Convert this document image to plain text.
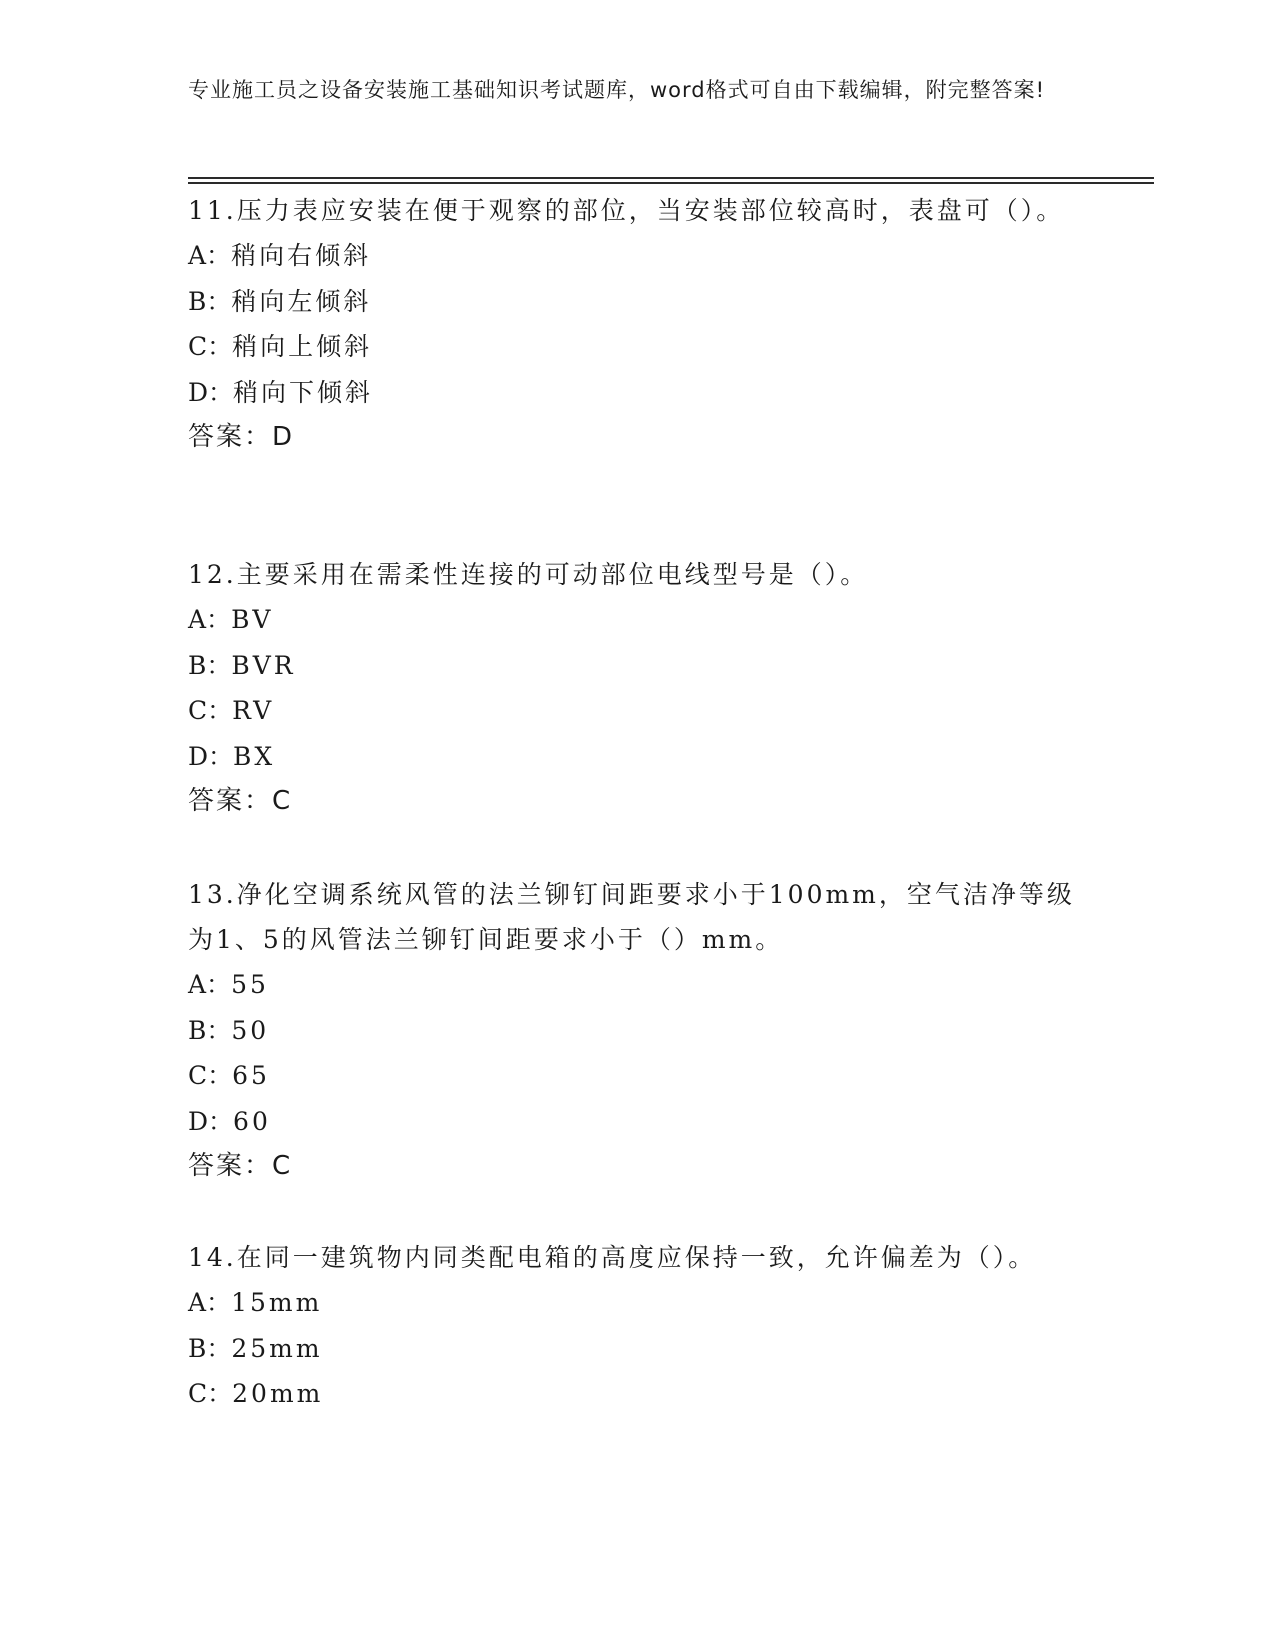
专业施工员之设备安装施工基础知识考试题库，word格式可自由下载编辑，附完整答案!

11.压力表应安装在便于观察的部位，当安装部位较高时，表盘可（）。

A：稍向右倾斜

B：稍向左倾斜

C：稍向上倾斜

D：稍向下倾斜

答案：D

12.主要采用在需柔性连接的可动部位电线型号是（）。

A：BV

B：BVR

C：RV

D：BX

答案：C

13.净化空调系统风管的法兰铆钉间距要求小于100mm，空气洁净等级为1、5的风管法兰铆钉间距要求小于（）mm。

A：55

B：50

C：65

D：60

答案：C

14.在同一建筑物内同类配电箱的高度应保持一致，允许偏差为（）。

A：15mm

B：25mm

C：20mm
